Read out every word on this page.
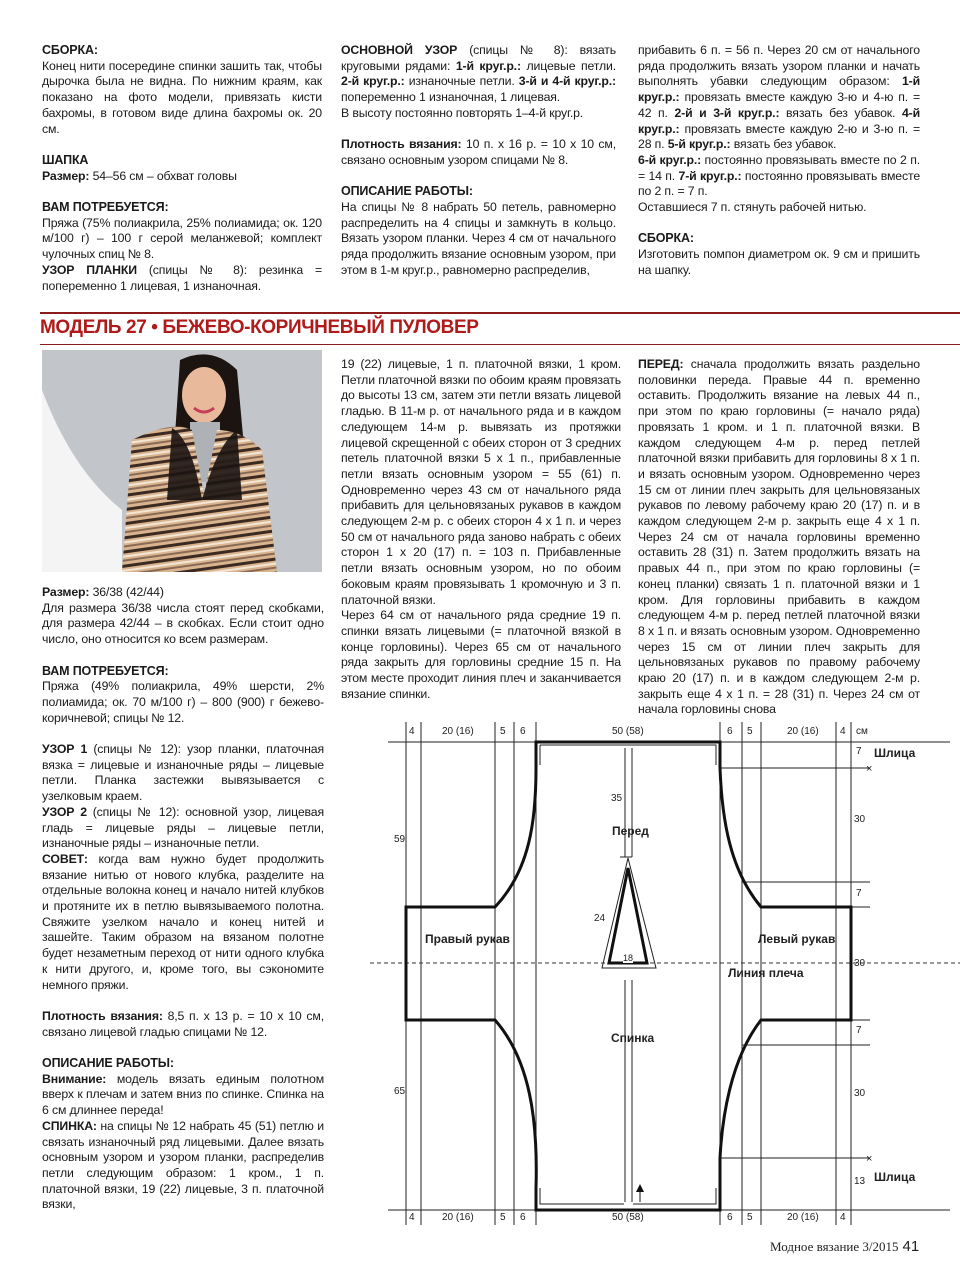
СБОРКА:

Конец нити посередине спинки зашить так, чтобы дырочка была не видна. По нижним краям, как показано на фото модели, привязать кисти бахромы, в готовом виде длина бахромы ок. 20 см.

ШАПКА

Размер: 54–56 см – обхват головы

ВАМ ПОТРЕБУЕТСЯ:

Пряжа (75% полиакрила, 25% полиамида; ок. 120 м/100 г) – 100 г серой меланжевой; комплект чулочных спиц № 8.

УЗОР ПЛАНКИ (спицы № 8): резинка = попеременно 1 лицевая, 1 изнаночная.

ОСНОВНОЙ УЗОР (спицы № 8): вязать круговыми рядами: 1-й круг.р.: лицевые петли. 2-й круг.р.: изнаночные петли. 3-й и 4-й круг.р.: попеременно 1 изнаночная, 1 лицевая.

В высоту постоянно повторять 1–4-й круг.р.

Плотность вязания: 10 п. х 16 р. = 10 х 10 см, связано основным узором спицами № 8.

ОПИСАНИЕ РАБОТЫ:

На спицы № 8 набрать 50 петель, равномерно распределить на 4 спицы и замкнуть в кольцо. Вязать узором планки. Через 4 см от начального ряда продолжить вязание основным узором, при этом в 1-м круг.р., равномерно распределив,

прибавить 6 п. = 56 п. Через 20 см от начального ряда продолжить вязать узором планки и начать выполнять убавки следующим образом: 1-й круг.р.: провязать вместе каждую 3-ю и 4-ю п. = 42 п. 2-й и 3-й круг.р.: вязать без убавок. 4-й круг.р.: провязать вместе каждую 2-ю и 3-ю п. = 28 п. 5-й круг.р.: вязать без убавок.

6-й круг.р.: постоянно провязывать вместе по 2 п. = 14 п. 7-й круг.р.: постоянно провязывать вместе по 2 п. = 7 п.

Оставшиеся 7 п. стянуть рабочей нитью.

СБОРКА:

Изготовить помпон диаметром ок. 9 см и пришить на шапку.

МОДЕЛЬ 27 • БЕЖЕВО-КОРИЧНЕВЫЙ ПУЛОВЕР

Размер: 36/38 (42/44)

Для размера 36/38 числа стоят перед скобками, для размера 42/44 – в скобках. Если стоит одно число, оно относится ко всем размерам.

ВАМ ПОТРЕБУЕТСЯ:

Пряжа (49% полиакрила, 49% шерсти, 2% полиамида; ок. 70 м/100 г) – 800 (900) г бежево-коричневой; спицы № 12.

УЗОР 1 (спицы № 12): узор планки, платочная вязка = лицевые и изнаночные ряды – лицевые петли. Планка застежки вывязывается с узелковым краем.

УЗОР 2 (спицы № 12): основной узор, лицевая гладь = лицевые ряды – лицевые петли, изнаночные ряды – изнаночные петли.

СОВЕТ: когда вам нужно будет продолжить вязание нитью от нового клубка, разделите на отдельные волокна конец и начало нитей клубков и протяните их в петлю вывязываемого полотна. Свяжите узелком начало и конец нитей и зашейте. Таким образом на вязаном полотне будет незаметным переход от нити одного клубка к нити другого, и, кроме того, вы сэкономите немного пряжи.

Плотность вязания: 8,5 п. х 13 р. = 10 х 10 см, связано лицевой гладью спицами № 12.

ОПИСАНИЕ РАБОТЫ:

Внимание: модель вязать единым полотном вверх к плечам и затем вниз по спинке. Спинка на 6 см длиннее переда!

СПИНКА: на спицы № 12 набрать 45 (51) петлю и связать изнаночный ряд лицевыми. Далее вязать основным узором и узором планки, распределив петли следующим образом: 1 кром., 1 п. платочной вязки, 19 (22) лицевые, 3 п. платочной вязки,

19 (22) лицевые, 1 п. платочной вязки, 1 кром. Петли платочной вязки по обоим краям провязать до высоты 13 см, затем эти петли вязать лицевой гладью. В 11-м р. от начального ряда и в каждом следующем 14-м р. вывязать из протяжки лицевой скрещенной с обеих сторон от 3 средних петель платочной вязки 5 х 1 п., прибавленные петли вязать основным узором = 55 (61) п. Одновременно через 43 см от начального ряда прибавить для цельновязаных рукавов в каждом следующем 2-м р. с обеих сторон 4 х 1 п. и через 50 см от начального ряда заново набрать с обеих сторон 1 х 20 (17) п. = 103 п. Прибавленные петли вязать основным узором, но по обоим боковым краям провязывать 1 кромочную и 3 п. платочной вязки.

Через 64 см от начального ряда средние 19 п. спинки вязать лицевыми (= платочной вязкой в конце горловины). Через 65 см от начального ряда закрыть для горловины средние 15 п. На этом месте проходит линия плеч и заканчивается вязание спинки.

ПЕРЕД: сначала продолжить вязать раздельно половинки переда. Правые 44 п. временно оставить. Продолжить вязание на левых 44 п., при этом по краю горловины (= начало ряда) провязать 1 кром. и 1 п. платочной вязки. В каждом следующем 4-м р. перед петлей платочной вязки прибавить для горловины 8 х 1 п. и вязать основным узором. Одновременно через 15 см от линии плеч закрыть для цельновязаных рукавов по левому рабочему краю 20 (17) п. и в каждом следующем 2-м р. закрыть еще 4 х 1 п. Через 24 см от начала горловины временно оставить 28 (31) п. Затем продолжить вязать на правых 44 п., при этом по краю горловины (= конец планки) связать 1 п. платочной вязки и 1 кром. Для горловины прибавить в каждом следующем 4-м р. перед петлей платочной вязки 8 х 1 п. и вязать основным узором. Одновременно через 15 см от линии плеч закрыть для цельновязаных рукавов по правому рабочему краю 20 (17) п. и в каждом следующем 2-м р. закрыть еще 4 х 1 п. = 28 (31) п. Через 24 см от начала горловины снова

×
×
4	20 (16)	5 6	50 (58)	6 5	20 (16) 4 см
4	20 (16)	5 6	50 (58)	6 5	20 (16) 4
59
65
7
30
7
30
7
30
13
35
24
18
Перед
Спинка
Правый рукав	Левый рукав
Линия плеча
Шлица
Шлица
Модное вязание 3/2015 41
